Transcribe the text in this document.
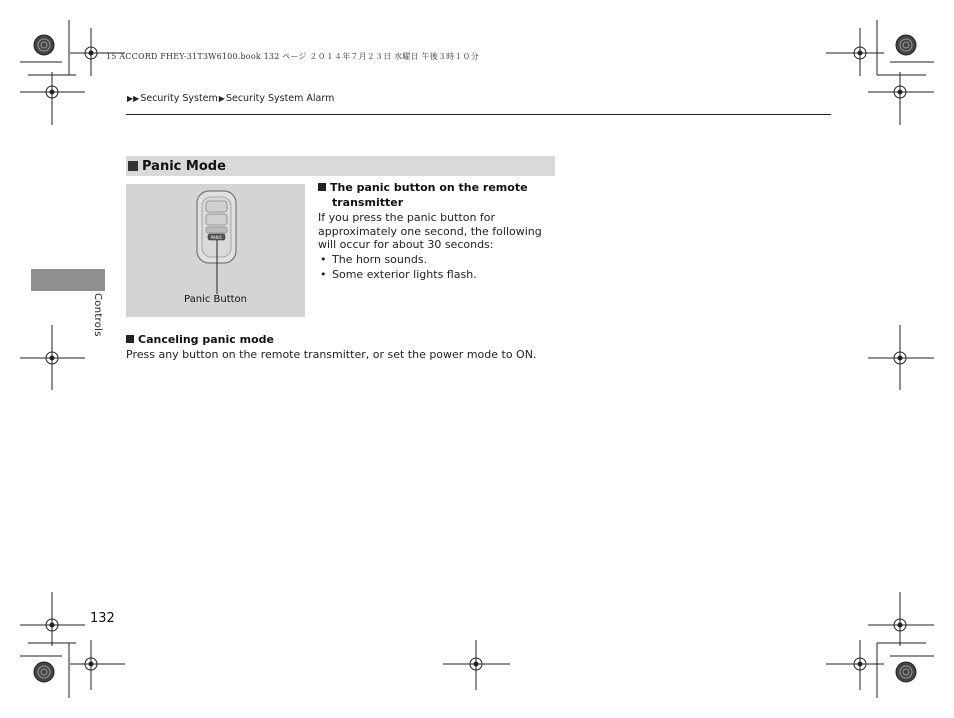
15 ACCORD FHEY-31T3W6100.book 132 ページ ２０１４年７月２３日 水曜日 午後３時１０分
▶▶Security System▶Security System Alarm
Controls
Panic Mode
PANIC
Panic Button
The panic button on the remote
transmitter
If you press the panic button for approximately one second, the following will occur for about 30 seconds:
• The horn sounds.
• Some exterior lights flash.
Canceling panic mode
Press any button on the remote transmitter, or set the power mode to ON.
132
